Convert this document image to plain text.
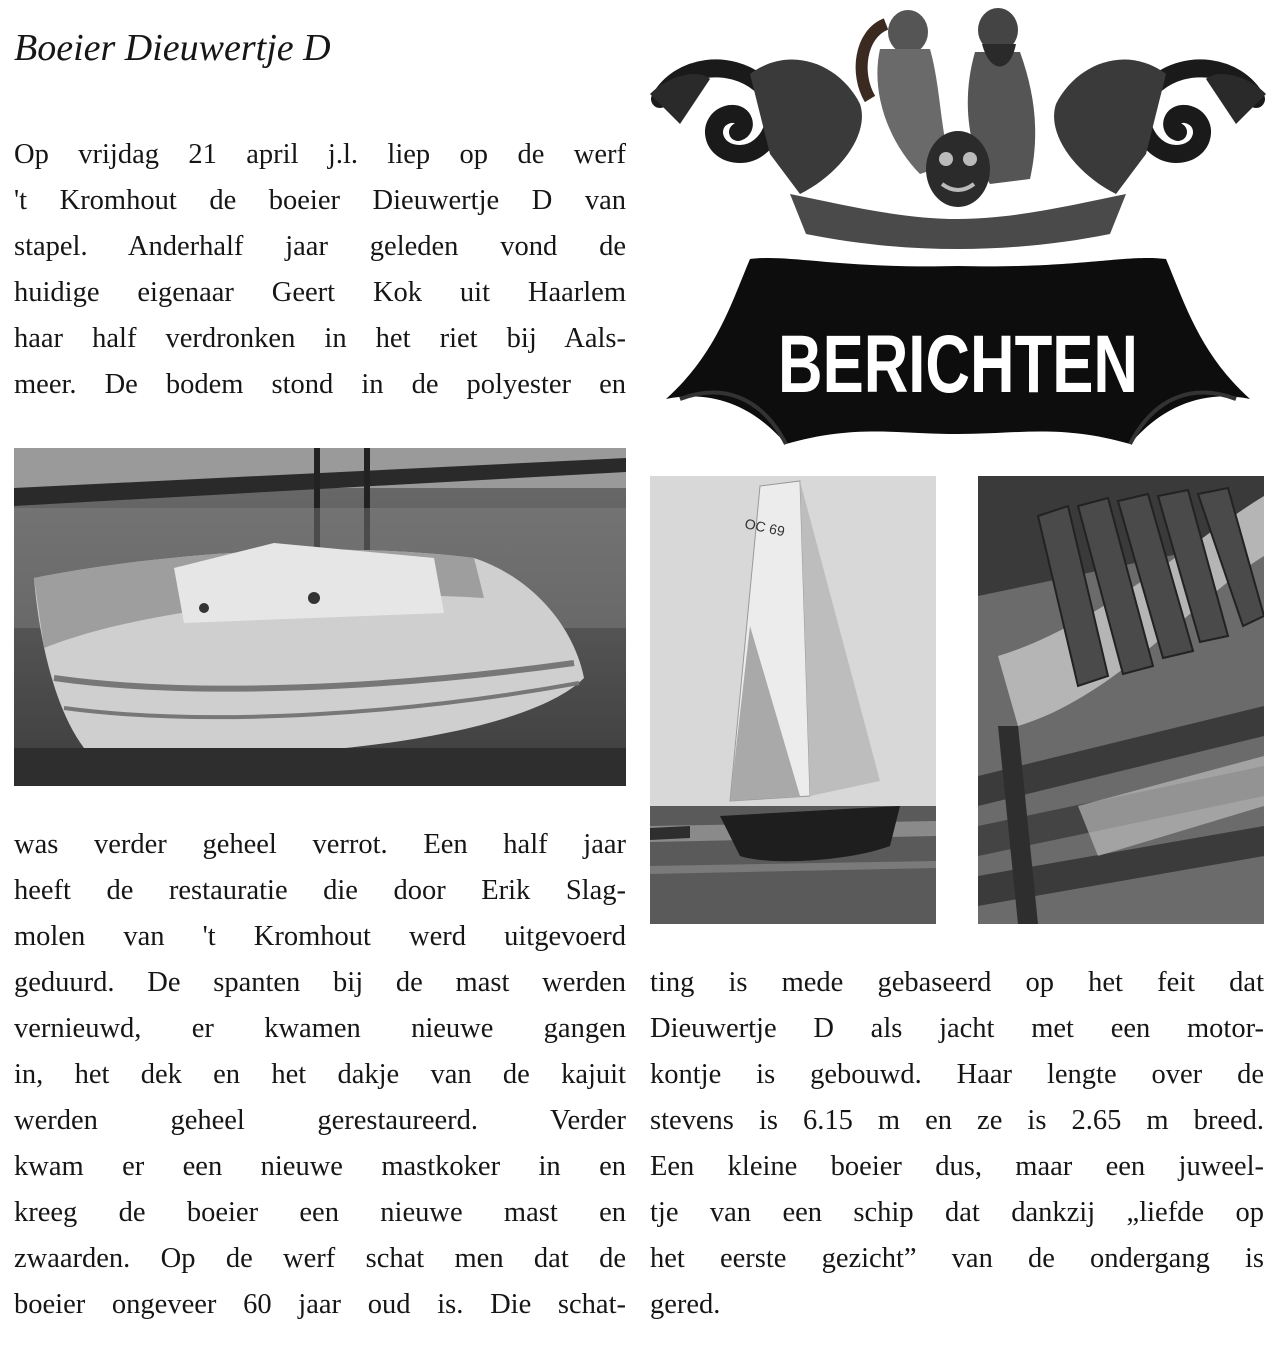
Boeier Dieuwertje D
Op vrijdag 21 april j.l. liep op de werf
't Kromhout de boeier Dieuwertje D van
stapel. Anderhalf jaar geleden vond de
huidige eigenaar Geert Kok uit Haarlem
haar half verdronken in het riet bij Aals-
meer. De bodem stond in de polyester en BERICHTEN
OC 69
was verder geheel verrot. Een half jaar
heeft de restauratie die door Erik Slag-
molen van 't Kromhout werd uitgevoerd
geduurd. De spanten bij de mast werden
vernieuwd, er kwamen nieuwe gangen
in, het dek en het dakje van de kajuit
werden geheel gerestaureerd. Verder
kwam er een nieuwe mastkoker in en
kreeg de boeier een nieuwe mast en
zwaarden. Op de werf schat men dat de
boeier ongeveer 60 jaar oud is. Die schat-
ting is mede gebaseerd op het feit dat
Dieuwertje D als jacht met een motor-
kontje is gebouwd. Haar lengte over de
stevens is 6.15 m en ze is 2.65 m breed.
Een kleine boeier dus, maar een juweel-
tje van een schip dat dankzij „liefde op
het eerste gezicht” van de ondergang is
gered.
